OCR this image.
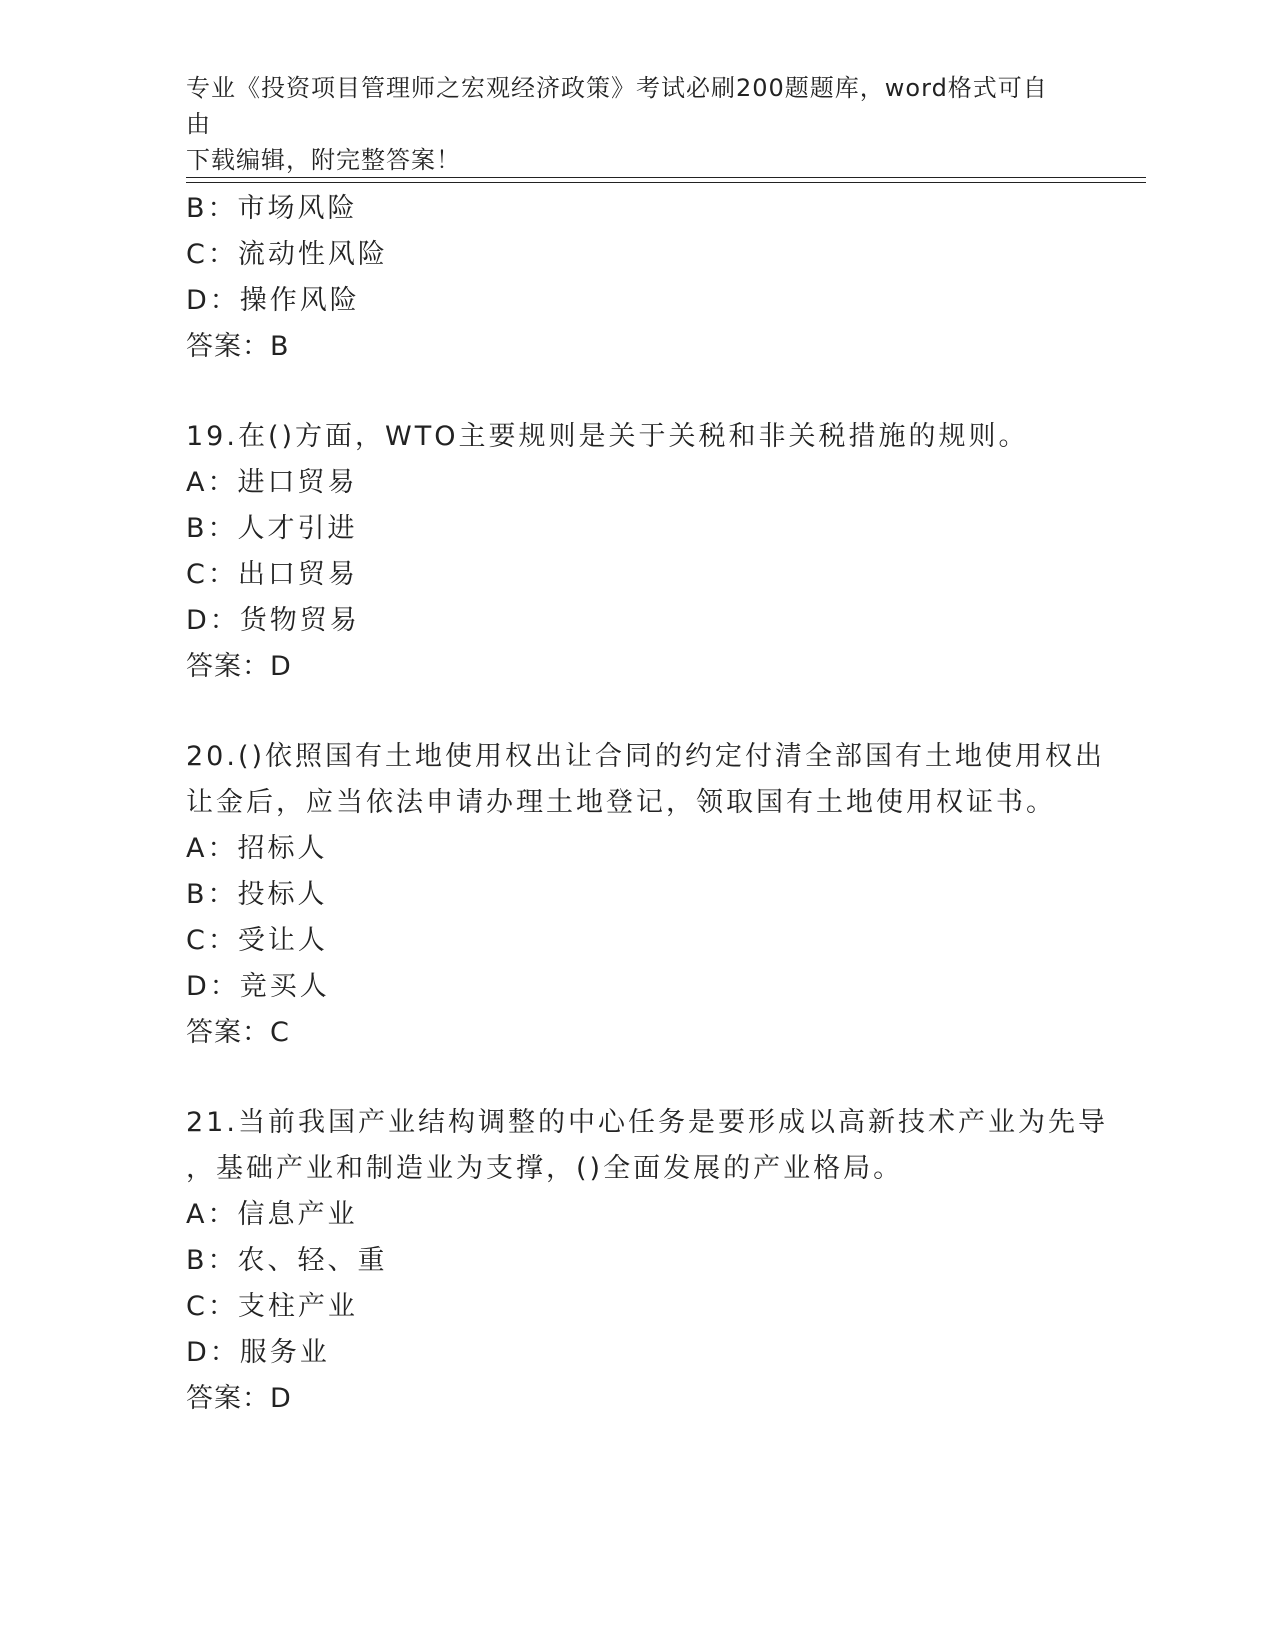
专业《投资项目管理师之宏观经济政策》考试必刷200题题库，word格式可自由
下载编辑，附完整答案！
B：市场风险
C：流动性风险
D：操作风险
答案：B
19.在()方面，WTO主要规则是关于关税和非关税措施的规则。
A：进口贸易
B：人才引进
C：出口贸易
D：货物贸易
答案：D
20.()依照国有土地使用权出让合同的约定付清全部国有土地使用权出
让金后，应当依法申请办理土地登记，领取国有土地使用权证书。
A：招标人
B：投标人
C：受让人
D：竞买人
答案：C
21.当前我国产业结构调整的中心任务是要形成以高新技术产业为先导
，基础产业和制造业为支撑，()全面发展的产业格局。
A：信息产业
B：农、轻、重
C：支柱产业
D：服务业
答案：D
